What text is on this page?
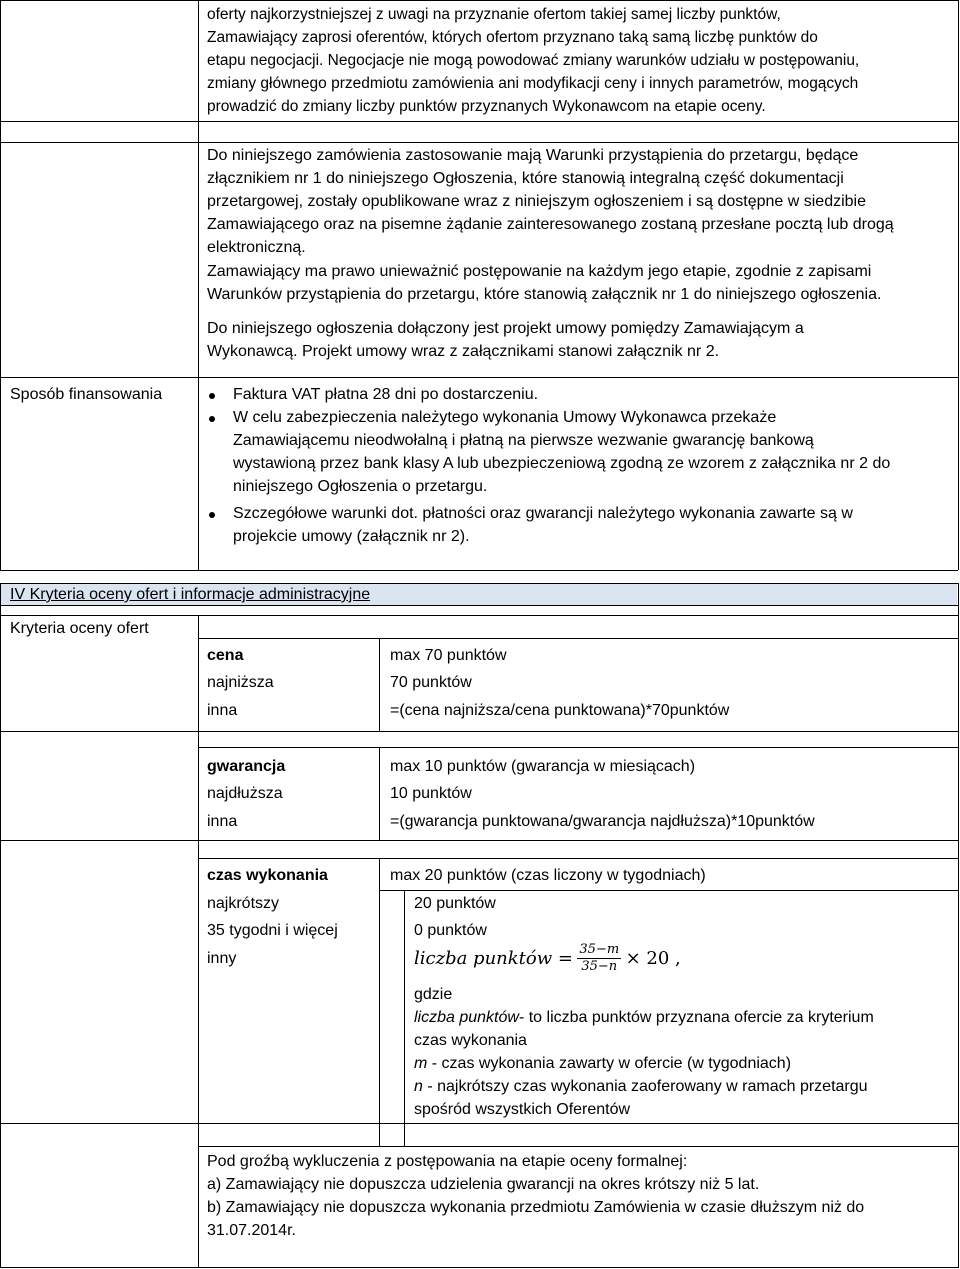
oferty najkorzystniejszej z uwagi na przyznanie ofertom takiej samej liczby punktów,
Zamawiający zaprosi oferentów, których ofertom przyznano taką samą liczbę punktów do
etapu negocjacji. Negocjacje nie mogą powodować zmiany warunków udziału w postępowaniu,
zmiany głównego przedmiotu zamówienia ani modyfikacji ceny i innych parametrów, mogących
prowadzić do zmiany liczby punktów przyznanych Wykonawcom na etapie oceny.
Do niniejszego zamówienia zastosowanie mają Warunki przystąpienia do przetargu, będące
złącznikiem nr 1 do niniejszego Ogłoszenia, które stanowią integralną część dokumentacji
przetargowej, zostały opublikowane wraz z niniejszym ogłoszeniem i są dostępne w siedzibie
Zamawiającego oraz na pisemne żądanie zainteresowanego zostaną przesłane pocztą lub drogą
elektroniczną.
Zamawiający ma prawo unieważnić postępowanie na każdym jego etapie, zgodnie z zapisami
Warunków przystąpienia do przetargu, które stanowią załącznik nr 1 do niniejszego ogłoszenia.
Do niniejszego ogłoszenia dołączony jest projekt umowy pomiędzy Zamawiającym a
Wykonawcą. Projekt umowy wraz z załącznikami stanowi załącznik nr 2.
Sposób finansowania	Faktura VAT płatna 28 dni po dostarczeniu.
W celu zabezpieczenia należytego wykonania Umowy Wykonawca przekaże
Zamawiającemu nieodwołalną i płatną na pierwsze wezwanie gwarancję bankową
wystawioną przez bank klasy A lub ubezpieczeniową zgodną ze wzorem z załącznika nr 2 do
niniejszego Ogłoszenia o przetargu.
Szczegółowe warunki dot. płatności oraz gwarancji należytego wykonania zawarte są w
projekcie umowy (załącznik nr 2).
IV Kryteria oceny ofert i informacje administracyjne
Kryteria oceny ofert
cena	max 70 punktów
najniższa	70 punktów
inna	=(cena najniższa/cena punktowana)*70punktów
gwarancja	max 10 punktów (gwarancja w miesiącach)
najdłuższa	10 punktów
inna	=(gwarancja punktowana/gwarancja najdłuższa)*10punktów
czas wykonania	max 20 punktów (czas liczony w tygodniach)
najkrótszy	20 punktów
35 tygodni i więcej	0 punktów
inny	liczba punktów = $\frac{35-m}{35-n} \times 20$ ,
gdzie
liczba punktów- to liczba punktów przyznana ofercie za kryterium
czas wykonania
m - czas wykonania zawarty w ofercie (w tygodniach)
n - najkrótszy czas wykonania zaoferowany w ramach przetargu
spośród wszystkich Oferentów
Pod groźbą wykluczenia z postępowania na etapie oceny formalnej:
a) Zamawiający nie dopuszcza udzielenia gwarancji na okres krótszy niż 5 lat.
b) Zamawiający nie dopuszcza wykonania przedmiotu Zamówienia w czasie dłuższym niż do
31.07.2014r.
